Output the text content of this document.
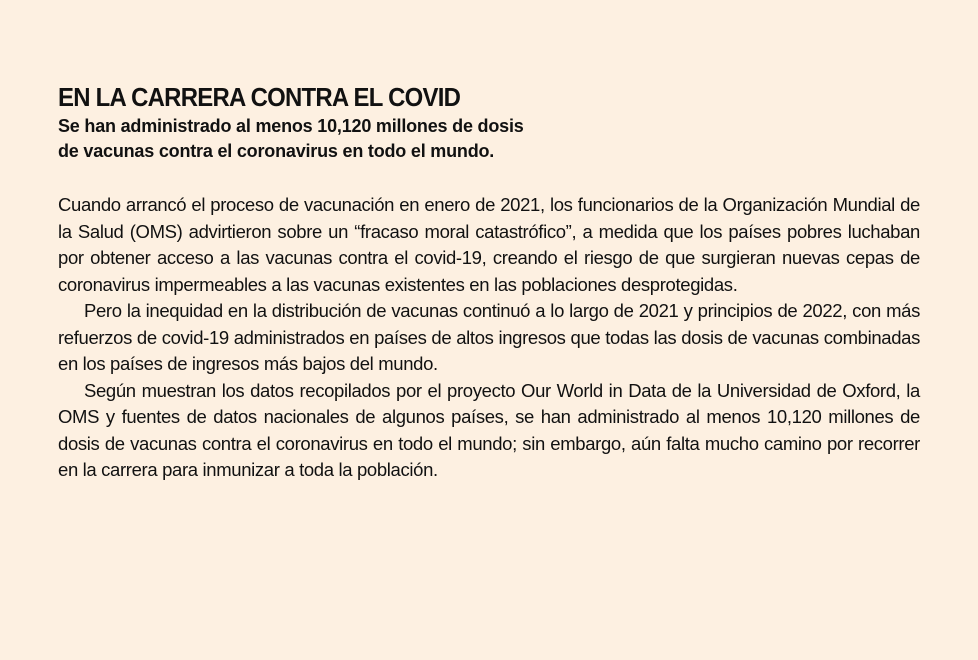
EN LA CARRERA CONTRA EL COVID
Se han administrado al menos 10,120 millones de dosis
de vacunas contra el coronavirus en todo el mundo.

Cuando arrancó el proceso de vacunación en enero de 2021, los funcionarios de la Organización Mundial de la Salud (OMS) advirtieron sobre un “fracaso moral catastrófico”, a medida que los países pobres luchaban por obtener acceso a las vacunas contra el covid-19, creando el riesgo de que surgieran nuevas cepas de coronavirus impermeables a las vacunas existentes en las poblaciones desprotegidas.

Pero la inequidad en la distribución de vacunas continuó a lo largo de 2021 y principios de 2022, con más refuerzos de covid-19 administrados en países de altos ingresos que todas las dosis de vacunas combinadas en los países de ingresos más bajos del mundo.

Según muestran los datos recopilados por el proyecto Our World in Data de la Universidad de Oxford, la OMS y fuentes de datos nacionales de algunos países, se han administrado al menos 10,120 millones de dosis de vacunas contra el coronavirus en todo el mundo; sin embargo, aún falta mucho camino por recorrer en la carrera para inmunizar a toda la población.
